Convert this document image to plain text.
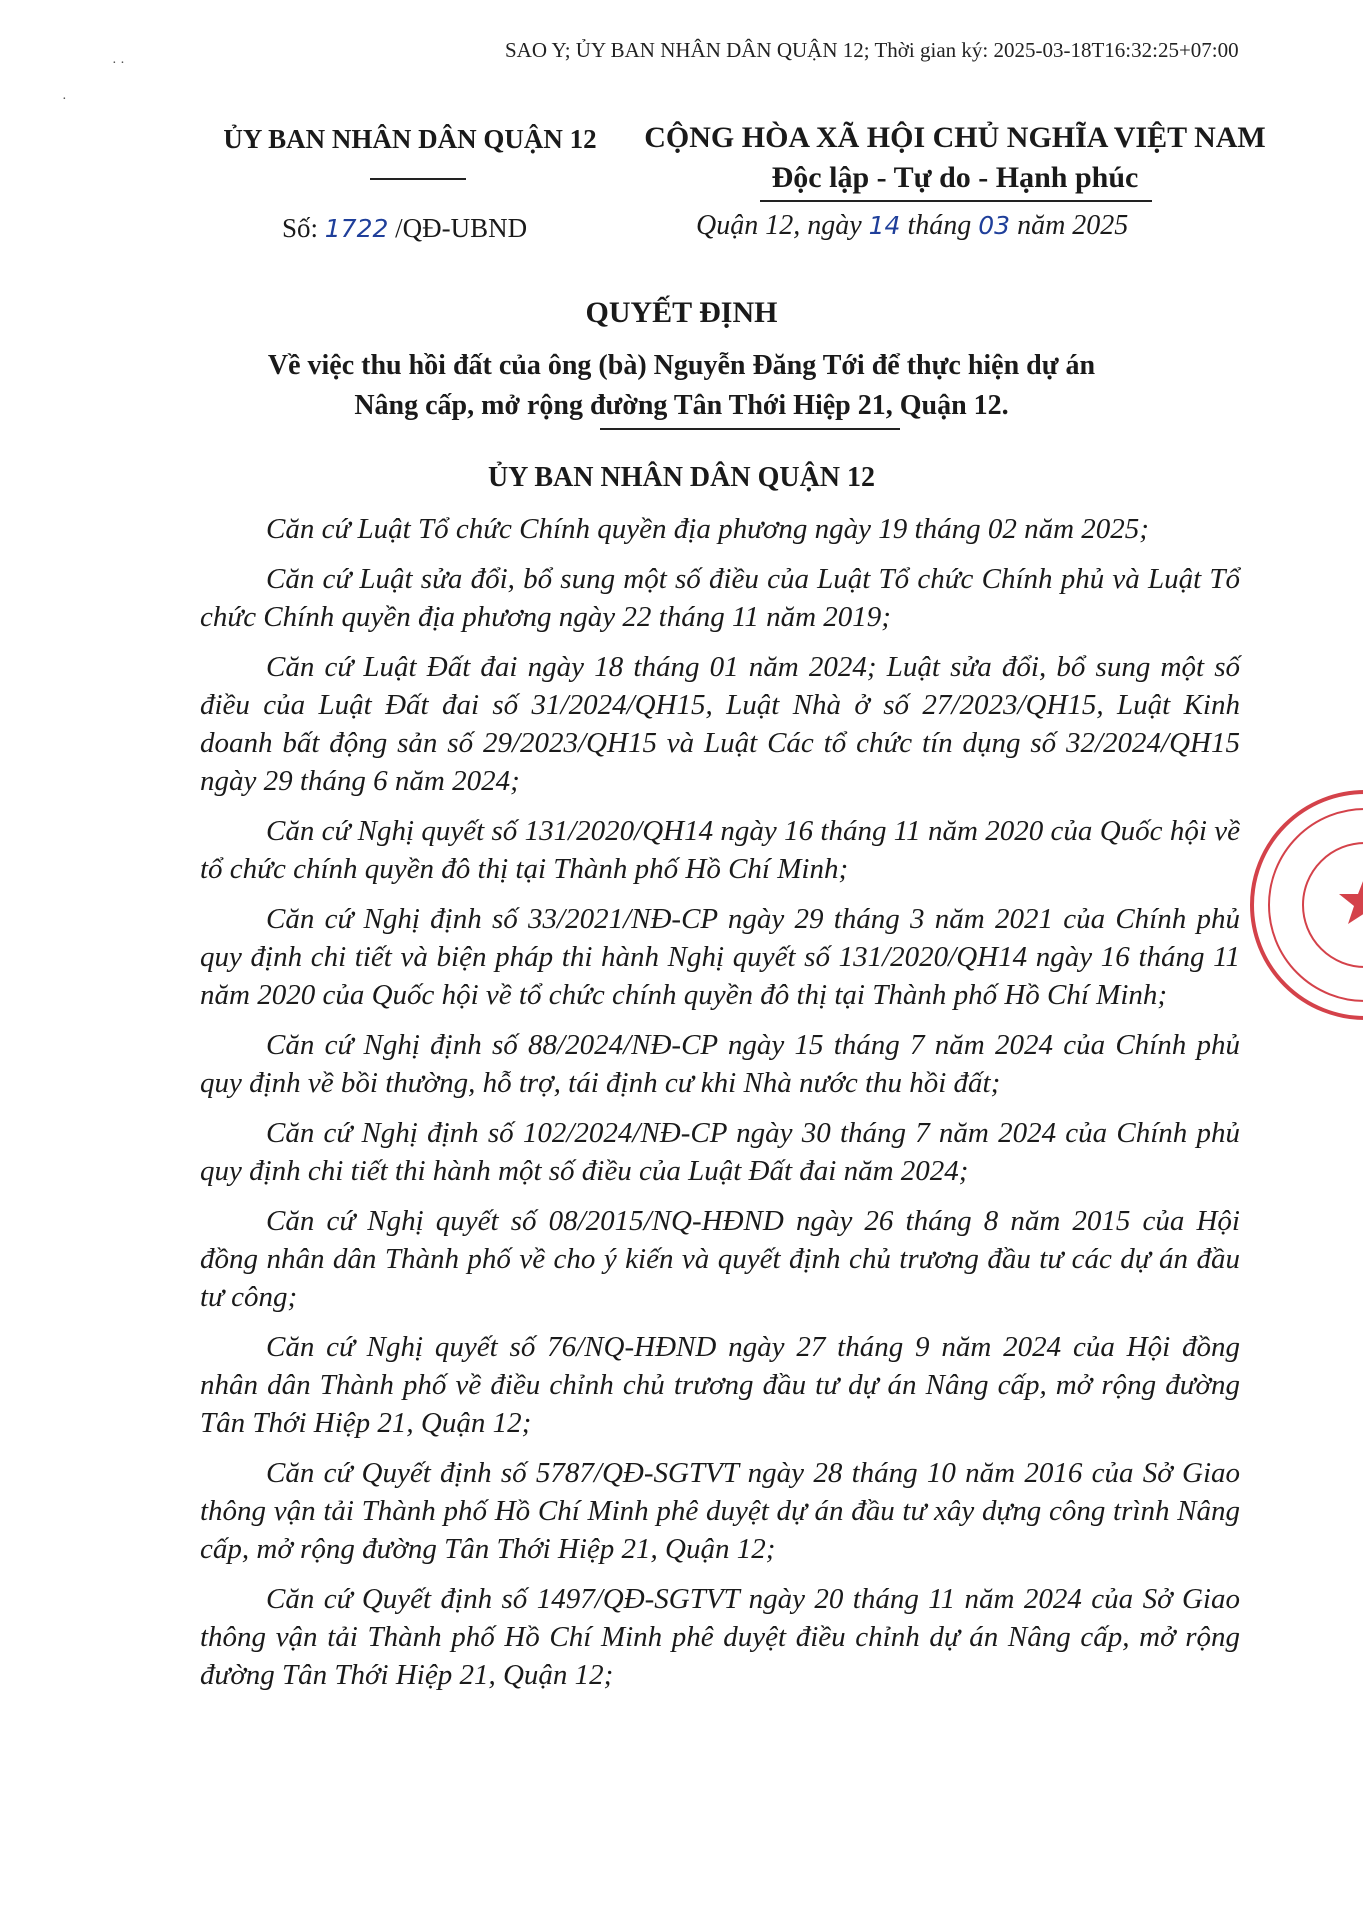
SAO Y; ỦY BAN NHÂN DÂN QUẬN 12; Thời gian ký: 2025-03-18T16:32:25+07:00
· ·
·
ỦY BAN NHÂN DÂN QUẬN 12	CỘNG HÒA XÃ HỘI CHỦ NGHĨA VIỆT NAM
Độc lập - Tự do - Hạnh phúc
Số: 1722 /QĐ-UBND	Quận 12, ngày 14 tháng 03 năm 2025
QUYẾT ĐỊNH
Về việc thu hồi đất của ông (bà) Nguyễn Đăng Tới để thực hiện dự án
Nâng cấp, mở rộng đường Tân Thới Hiệp 21, Quận 12.
ỦY BAN NHÂN DÂN QUẬN 12

Căn cứ Luật Tổ chức Chính quyền địa phương ngày 19 tháng 02 năm 2025;

Căn cứ Luật sửa đổi, bổ sung một số điều của Luật Tổ chức Chính phủ và Luật Tổ chức Chính quyền địa phương ngày 22 tháng 11 năm 2019;

Căn cứ Luật Đất đai ngày 18 tháng 01 năm 2024; Luật sửa đổi, bổ sung một số điều của Luật Đất đai số 31/2024/QH15, Luật Nhà ở số 27/2023/QH15, Luật Kinh doanh bất động sản số 29/2023/QH15 và Luật Các tổ chức tín dụng số 32/2024/QH15 ngày 29 tháng 6 năm 2024;

Căn cứ Nghị quyết số 131/2020/QH14 ngày 16 tháng 11 năm 2020 của Quốc hội về tổ chức chính quyền đô thị tại Thành phố Hồ Chí Minh;

Căn cứ Nghị định số 33/2021/NĐ-CP ngày 29 tháng 3 năm 2021 của Chính phủ quy định chi tiết và biện pháp thi hành Nghị quyết số 131/2020/QH14 ngày 16 tháng 11 năm 2020 của Quốc hội về tổ chức chính quyền đô thị tại Thành phố Hồ Chí Minh;

Căn cứ Nghị định số 88/2024/NĐ-CP ngày 15 tháng 7 năm 2024 của Chính phủ quy định về bồi thường, hỗ trợ, tái định cư khi Nhà nước thu hồi đất;

Căn cứ Nghị định số 102/2024/NĐ-CP ngày 30 tháng 7 năm 2024 của Chính phủ quy định chi tiết thi hành một số điều của Luật Đất đai năm 2024;

Căn cứ Nghị quyết số 08/2015/NQ-HĐND ngày 26 tháng 8 năm 2015 của Hội đồng nhân dân Thành phố về cho ý kiến và quyết định chủ trương đầu tư các dự án đầu tư công;

Căn cứ Nghị quyết số 76/NQ-HĐND ngày 27 tháng 9 năm 2024 của Hội đồng nhân dân Thành phố về điều chỉnh chủ trương đầu tư dự án Nâng cấp, mở rộng đường Tân Thới Hiệp 21, Quận 12;

Căn cứ Quyết định số 5787/QĐ-SGTVT ngày 28 tháng 10 năm 2016 của Sở Giao thông vận tải Thành phố Hồ Chí Minh phê duyệt dự án đầu tư xây dựng công trình Nâng cấp, mở rộng đường Tân Thới Hiệp 21, Quận 12;

Căn cứ Quyết định số 1497/QĐ-SGTVT ngày 20 tháng 11 năm 2024 của Sở Giao thông vận tải Thành phố Hồ Chí Minh phê duyệt điều chỉnh dự án Nâng cấp, mở rộng đường Tân Thới Hiệp 21, Quận 12;
